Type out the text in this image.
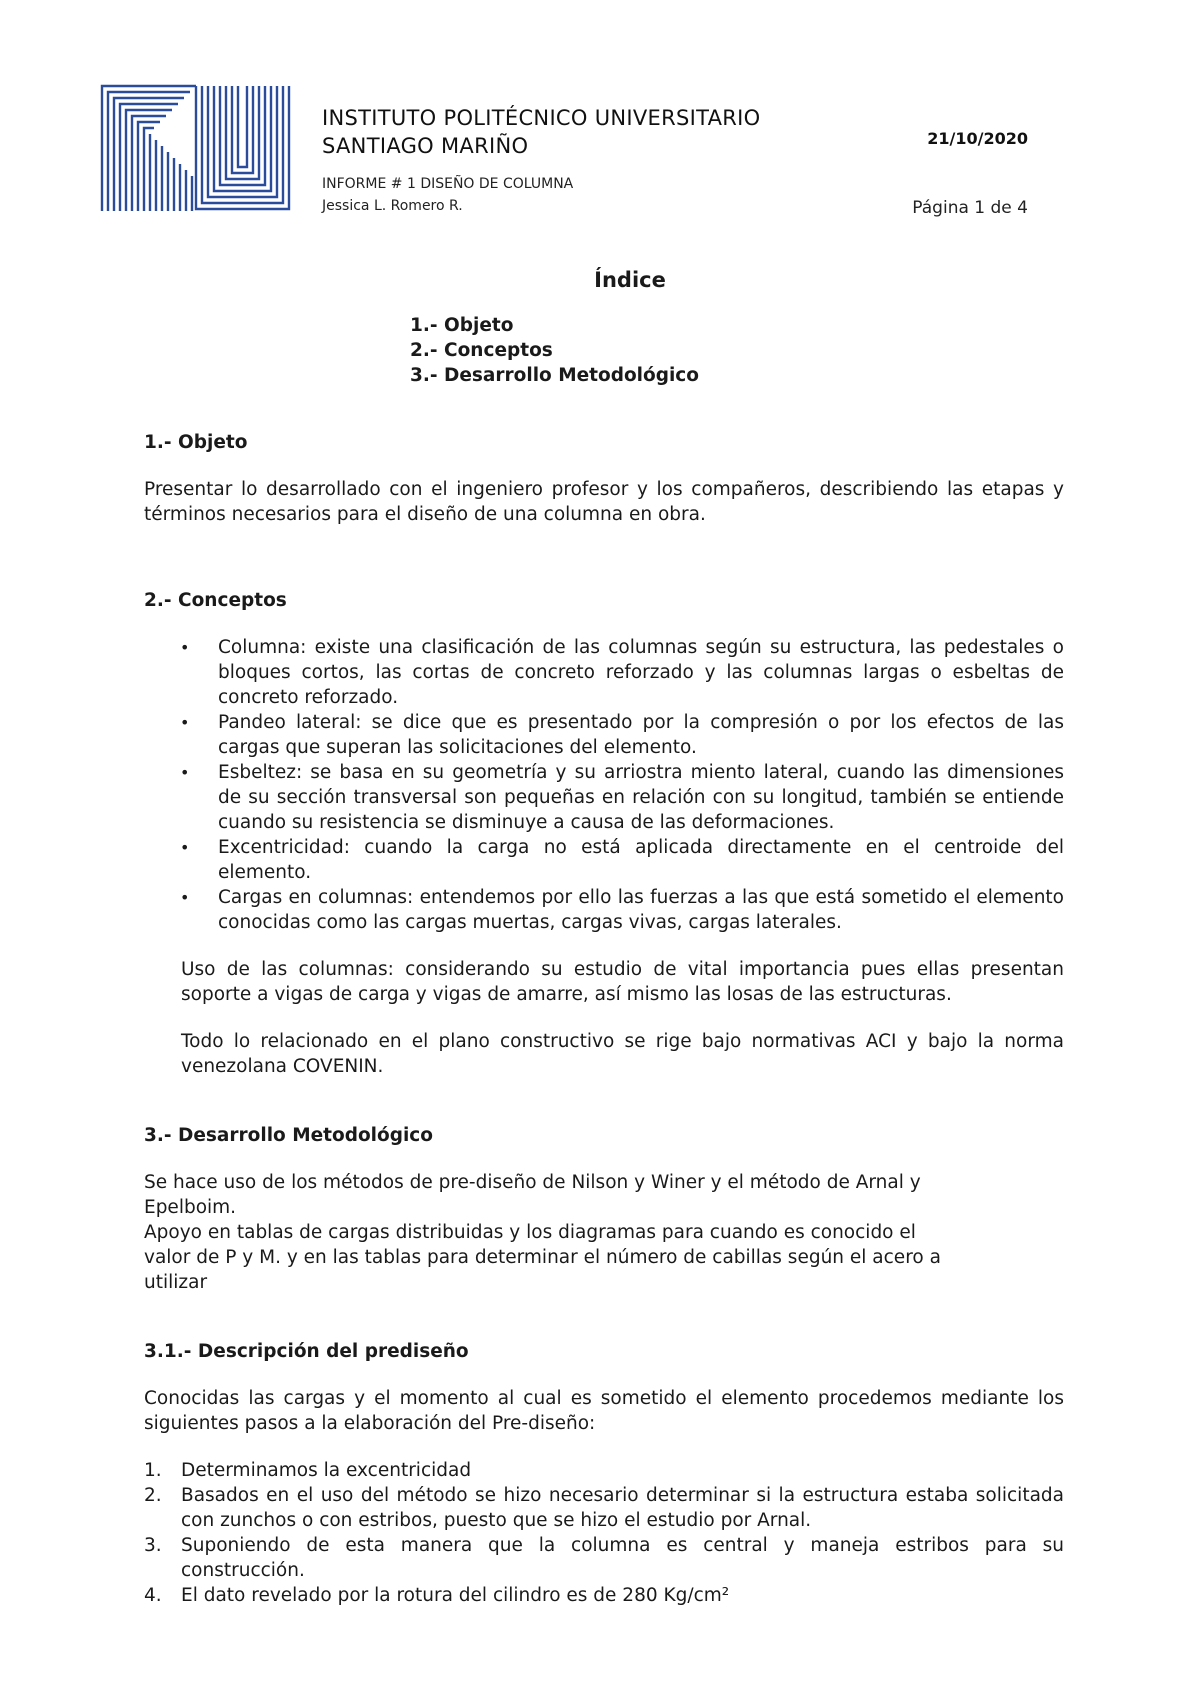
INSTITUTO POLITÉCNICO UNIVERSITARIO
SANTIAGO MARIÑO
INFORME # 1 DISEÑO DE COLUMNA
Jessica L. Romero R.
21/10/2020
Página 1 de 4
Índice
1.- Objeto
2.- Conceptos
3.- Desarrollo Metodológico
1.- Objeto

Presentar lo desarrollado con el ingeniero profesor y los compañeros, describiendo las etapas y términos necesarios para el diseño de una columna en obra.

2.- Conceptos
• Columna: existe una clasificación de las columnas según su estructura, las pedestales o bloques cortos, las cortas de concreto reforzado y las columnas largas o esbeltas de concreto reforzado.
• Pandeo lateral: se dice que es presentado por la compresión o por los efectos de las cargas que superan las solicitaciones del elemento.
• Esbeltez: se basa en su geometría y su arriostra miento lateral, cuando las dimensiones de su sección transversal son pequeñas en relación con su longitud, también se entiende cuando su resistencia se disminuye a causa de las deformaciones.
• Excentricidad: cuando la carga no está aplicada directamente en el centroide del elemento.
• Cargas en columnas: entendemos por ello las fuerzas a las que está sometido el elemento conocidas como las cargas muertas, cargas vivas, cargas laterales.

Uso de las columnas: considerando su estudio de vital importancia pues ellas presentan soporte a vigas de carga y vigas de amarre, así mismo las losas de las estructuras.

Todo lo relacionado en el plano constructivo se rige bajo normativas ACI y bajo la norma venezolana COVENIN.

3.- Desarrollo Metodológico

Se hace uso de los métodos de pre-diseño de Nilson y Winer y el método de Arnal y Epelboim.

Apoyo en tablas de cargas distribuidas y los diagramas para cuando es conocido el valor de P y M. y en las tablas para determinar el número de cabillas según el acero a utilizar

3.1.- Descripción del prediseño

Conocidas las cargas y el momento al cual es sometido el elemento procedemos mediante los siguientes pasos a la elaboración del Pre-diseño:

1. Determinamos la excentricidad
2. Basados en el uso del método se hizo necesario determinar si la estructura estaba solicitada con zunchos o con estribos, puesto que se hizo el estudio por Arnal.
3. Suponiendo de esta manera que la columna es central y maneja estribos para su construcción.
4. El dato revelado por la rotura del cilindro es de 280 Kg/cm²
